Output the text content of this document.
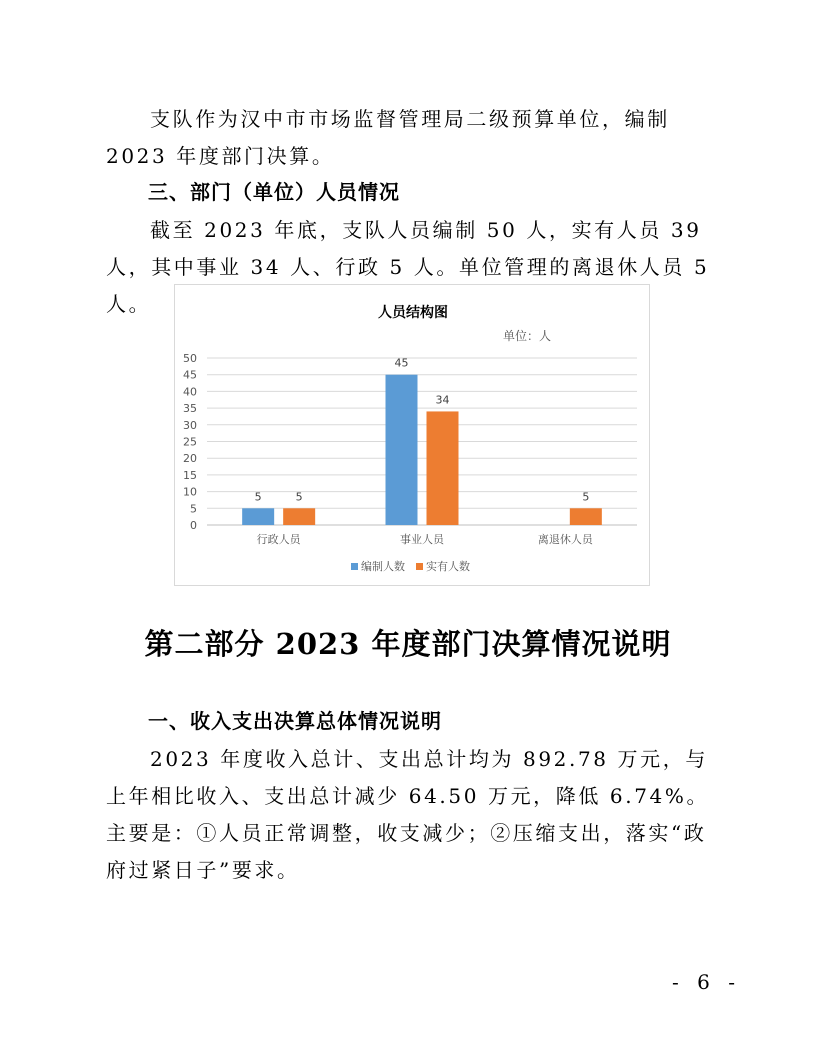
支队作为汉中市市场监督管理局二级预算单位，编制 2023 年度部门决算。

三、部门（单位）人员情况

截至 2023 年底，支队人员编制 50 人，实有人员 39 人，其中事业 34 人、行政 5 人。单位管理的离退休人员 5 人。

0
5
10
15
20
25
30
35
40
45
50
行政人员
5	5
事业人员
45
34
离退休人员
5
人员结构图
单位：人
编制人数 实有人数

第二部分 2023 年度部门决算情况说明

一、收入支出决算总体情况说明

2023 年度收入总计、支出总计均为 892.78 万元，与上年相比收入、支出总计减少 64.50 万元，降低 6.74%。主要是：①人员正常调整，收支减少；②压缩支出，落实“政府过紧日子”要求。

- 6 -
